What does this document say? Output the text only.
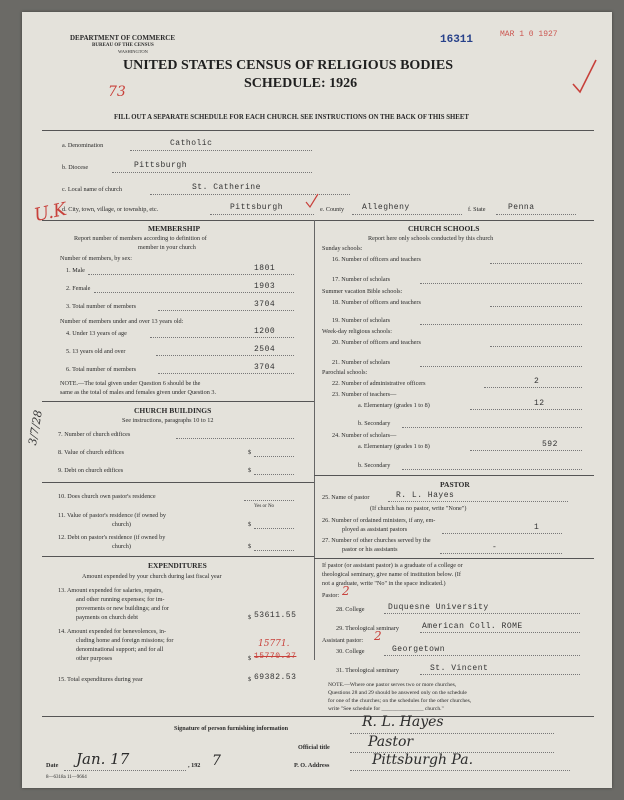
DEPARTMENT OF COMMERCE
BUREAU OF THE CENSUS
WASHINGTON
16311	MAR 1 0 1927
UNITED STATES CENSUS OF RELIGIOUS BODIES
SCHEDULE: 1926
73
FILL OUT A SEPARATE SCHEDULE FOR EACH CHURCH. SEE INSTRUCTIONS ON THE BACK OF THIS SHEET
a. Denomination	Catholic
b. Diocese	Pittsburgh
c. Local name of church	St. Catherine
d. City, town, village, or township, etc.	Pittsburgh	e. County Allegheny	f. State	Penna
U.K
MEMBERSHIP
Report number of members according to definition of
member in your church
Number of members, by sex:
1. Male	1801
2. Female	1903
3. Total number of members	3704
Number of members under and over 13 years old:
4. Under 13 years of age	1200
5. 13 years old and over	2504
6. Total number of members	3704
NOTE.—The total given under Question 6 should be the
same as the total of males and females given under Question 3.
CHURCH BUILDINGS
See instructions, paragraphs 10 to 12
7. Number of church edifices
8. Value of church edifices	$
9. Debt on church edifices	$
3/7/28
10. Does church own pastor's residence
Yes or No
11. Value of pastor's residence (if owned by
church)	$
12. Debt on pastor's residence (if owned by
church)	$
EXPENDITURES
Amount expended by your church during last fiscal year
13. Amount expended for salaries, repairs,
and other running expenses; for im-
provements or new buildings; and for
payments on church debt	$ 53611.55
14. Amount expended for benevolences, in-
cluding home and foreign missions; for
denominational support; and for all
other purposes
15771.
$ 15770.37
15. Total expenditures during year	$ 69382.53
CHURCH SCHOOLS
Report here only schools conducted by this church
Sunday schools:
16. Number of officers and teachers
17. Number of scholars
Summer vacation Bible schools:
18. Number of officers and teachers
19. Number of scholars
Week-day religious schools:
20. Number of officers and teachers
21. Number of scholars
Parochial schools:
22. Number of administrative officers	2
23. Number of teachers—
a. Elementary (grades 1 to 8)	12
b. Secondary
24. Number of scholars—
a. Elementary (grades 1 to 8)	592
b. Secondary
PASTOR
25. Name of pastor	R. L. Hayes
(If church has no pastor, write "None")
26. Number of ordained ministers, if any, em-
ployed as assistant pastors	1
27. Number of other churches served by the
pastor or his assistants	-
If pastor (or assistant pastor) is a graduate of a college or
theological seminary, give name of institution below. (If
not a graduate, write "No" in the space indicated.)
Pastor: 2
28. College	Duquesne University
29. Theological seminary	American Coll. ROME
Assistant pastor: 2
30. College	Georgetown
31. Theological seminary	St. Vincent
NOTE.—Where one pastor serves two or more churches,
Questions 28 and 29 should be answered only on the schedule
for one of the churches; on the schedules for the other churches,
write "See schedule for _______________ church."
Signature of person furnishing information	R. L. Hayes
Official title	Pastor
Date Jan. 17	, 192 7	P. O. Address	Pittsburgh Pa.
8—6318a 11—9664
